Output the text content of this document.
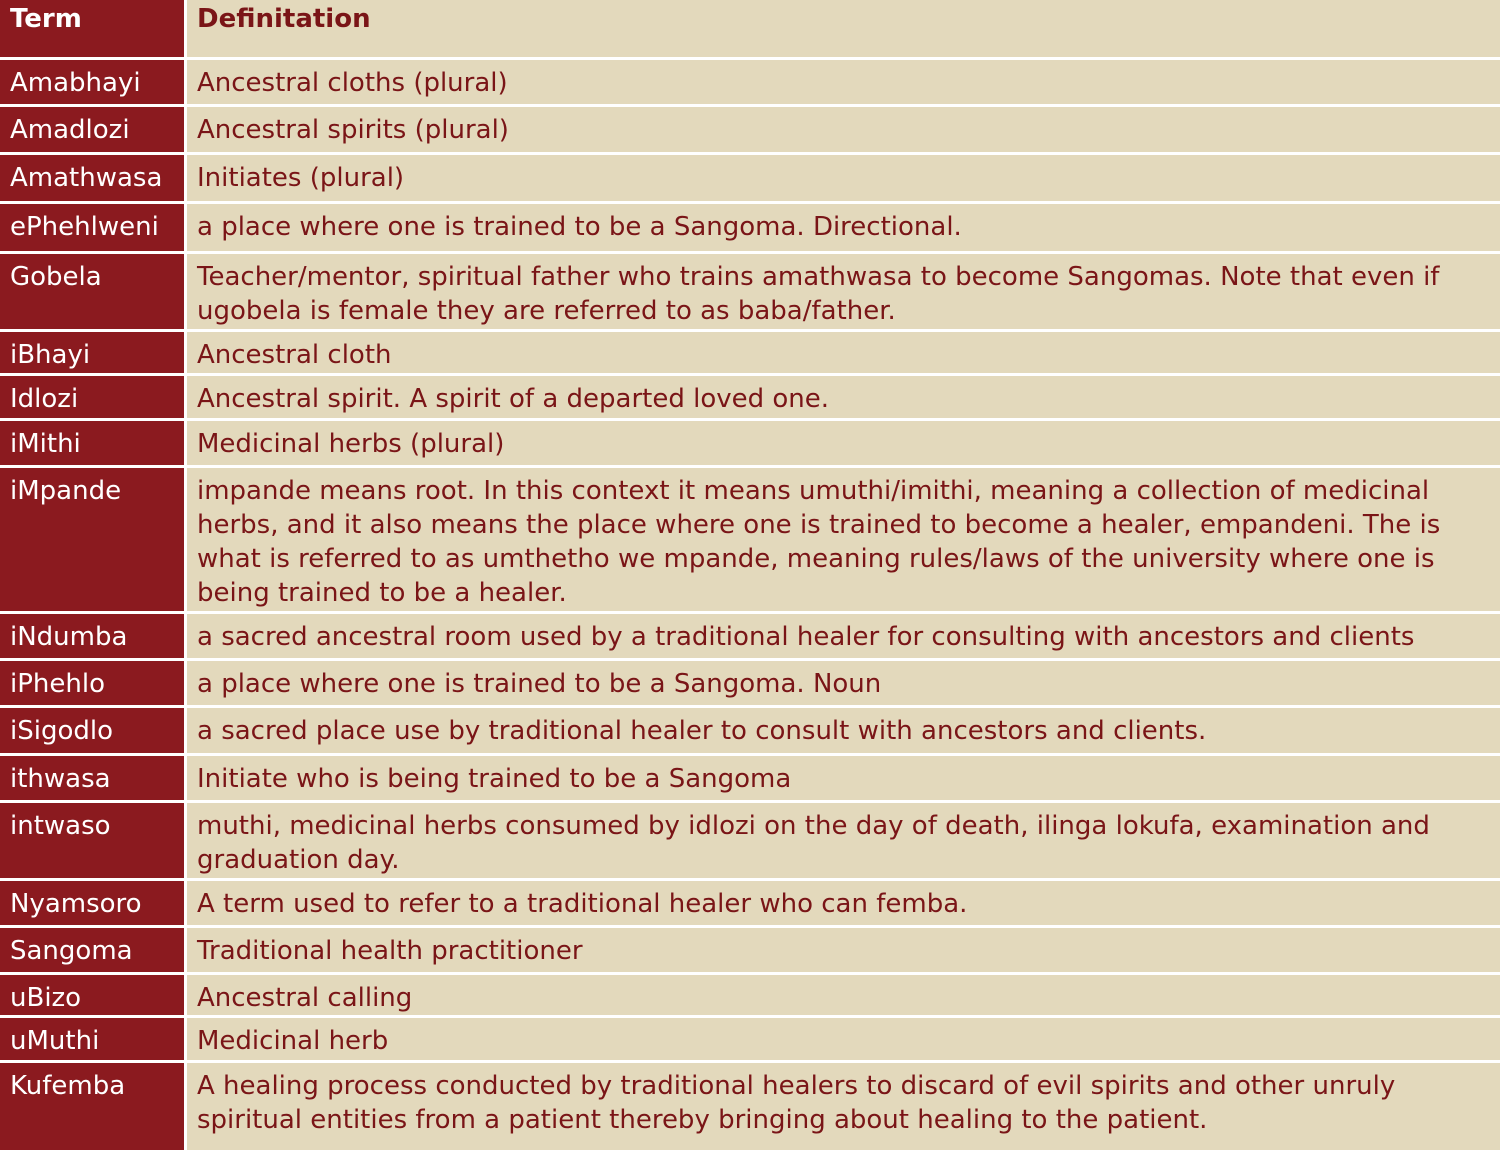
Term	Definitation
Amabhayi	Ancestral cloths (plural)
Amadlozi	Ancestral spirits (plural)
Amathwasa	Initiates (plural)
ePhehlweni	a place where one is trained to be a Sangoma. Directional.
Gobela	Teacher/mentor, spiritual father who trains amathwasa to become Sangomas. Note that even if ugobela is female they are referred to as baba/father.
iBhayi	Ancestral cloth
Idlozi	Ancestral spirit. A spirit of a departed loved one.
iMithi	Medicinal herbs (plural)
iMpande	impande means root. In this context it means umuthi/imithi, meaning a collection of medicinal herbs, and it also means the place where one is trained to become a healer, empandeni. The is what is referred to as umthetho we mpande, meaning rules/laws of the university where one is being trained to be a healer.
iNdumba	a sacred ancestral room used by a traditional healer for consulting with ancestors and clients
iPhehlo	a place where one is trained to be a Sangoma. Noun
iSigodlo	a sacred place use by traditional healer to consult with ancestors and clients.
ithwasa	Initiate who is being trained to be a Sangoma
intwaso	muthi, medicinal herbs consumed by idlozi on the day of death, ilinga lokufa, examination and graduation day.
Nyamsoro	A term used to refer to a traditional healer who can femba.
Sangoma	Traditional health practitioner
uBizo	Ancestral calling
uMuthi	Medicinal herb
Kufemba	A healing process conducted by traditional healers to discard of evil spirits and other unruly spiritual entities from a patient thereby bringing about healing to the patient.
